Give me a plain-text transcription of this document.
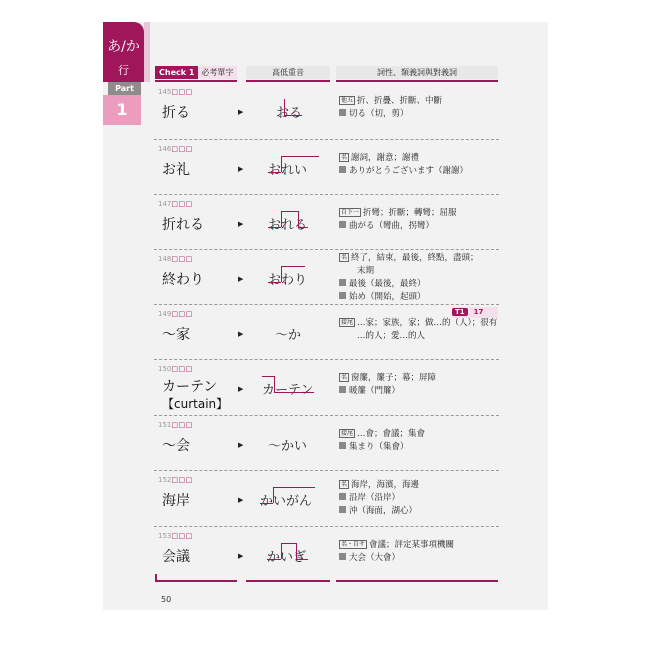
あ/か
行
Part
1
Check 1 必考單字	高低重音	詞性、類義詞與對義詞
145□□□
折る	▶	おる
他五 折、折疊、折斷、中斷
切る（切，剪）
146□□□
お礼	▶ おれい
名 謝詞，謝意；謝禮
ありがとうございます（謝謝）
147□□□
折れる	▶ おれる
自下一 折彎；折斷；轉彎；屈服
曲がる（彎曲，拐彎）
148□□□
終わり	▶ おわり
名 終了，結束，最後，終點，盡頭；
末期
最後（最後，最終）
始め（開始，起頭）
149□□□
～家	▶ ～か
接尾 …家；家族，家；做…的（人）；很有
…的人；愛…的人
150□□□
カーテン
【curtain】
▶ カーテン
名 窗簾，簾子；幕；屏障
暖簾（門簾）
151□□□
～会	▶ ～かい
接尾 …會；會議；集會
集まり（集會）
152□□□
海岸	▶ かいがん
名 海岸，海濱，海邊
沿岸（沿岸）
沖（海面，湖心）
153□□□
会議	▶ かいぎ
名・自サ 會議；評定某事項機關
大会（大會）
T1 17
50
